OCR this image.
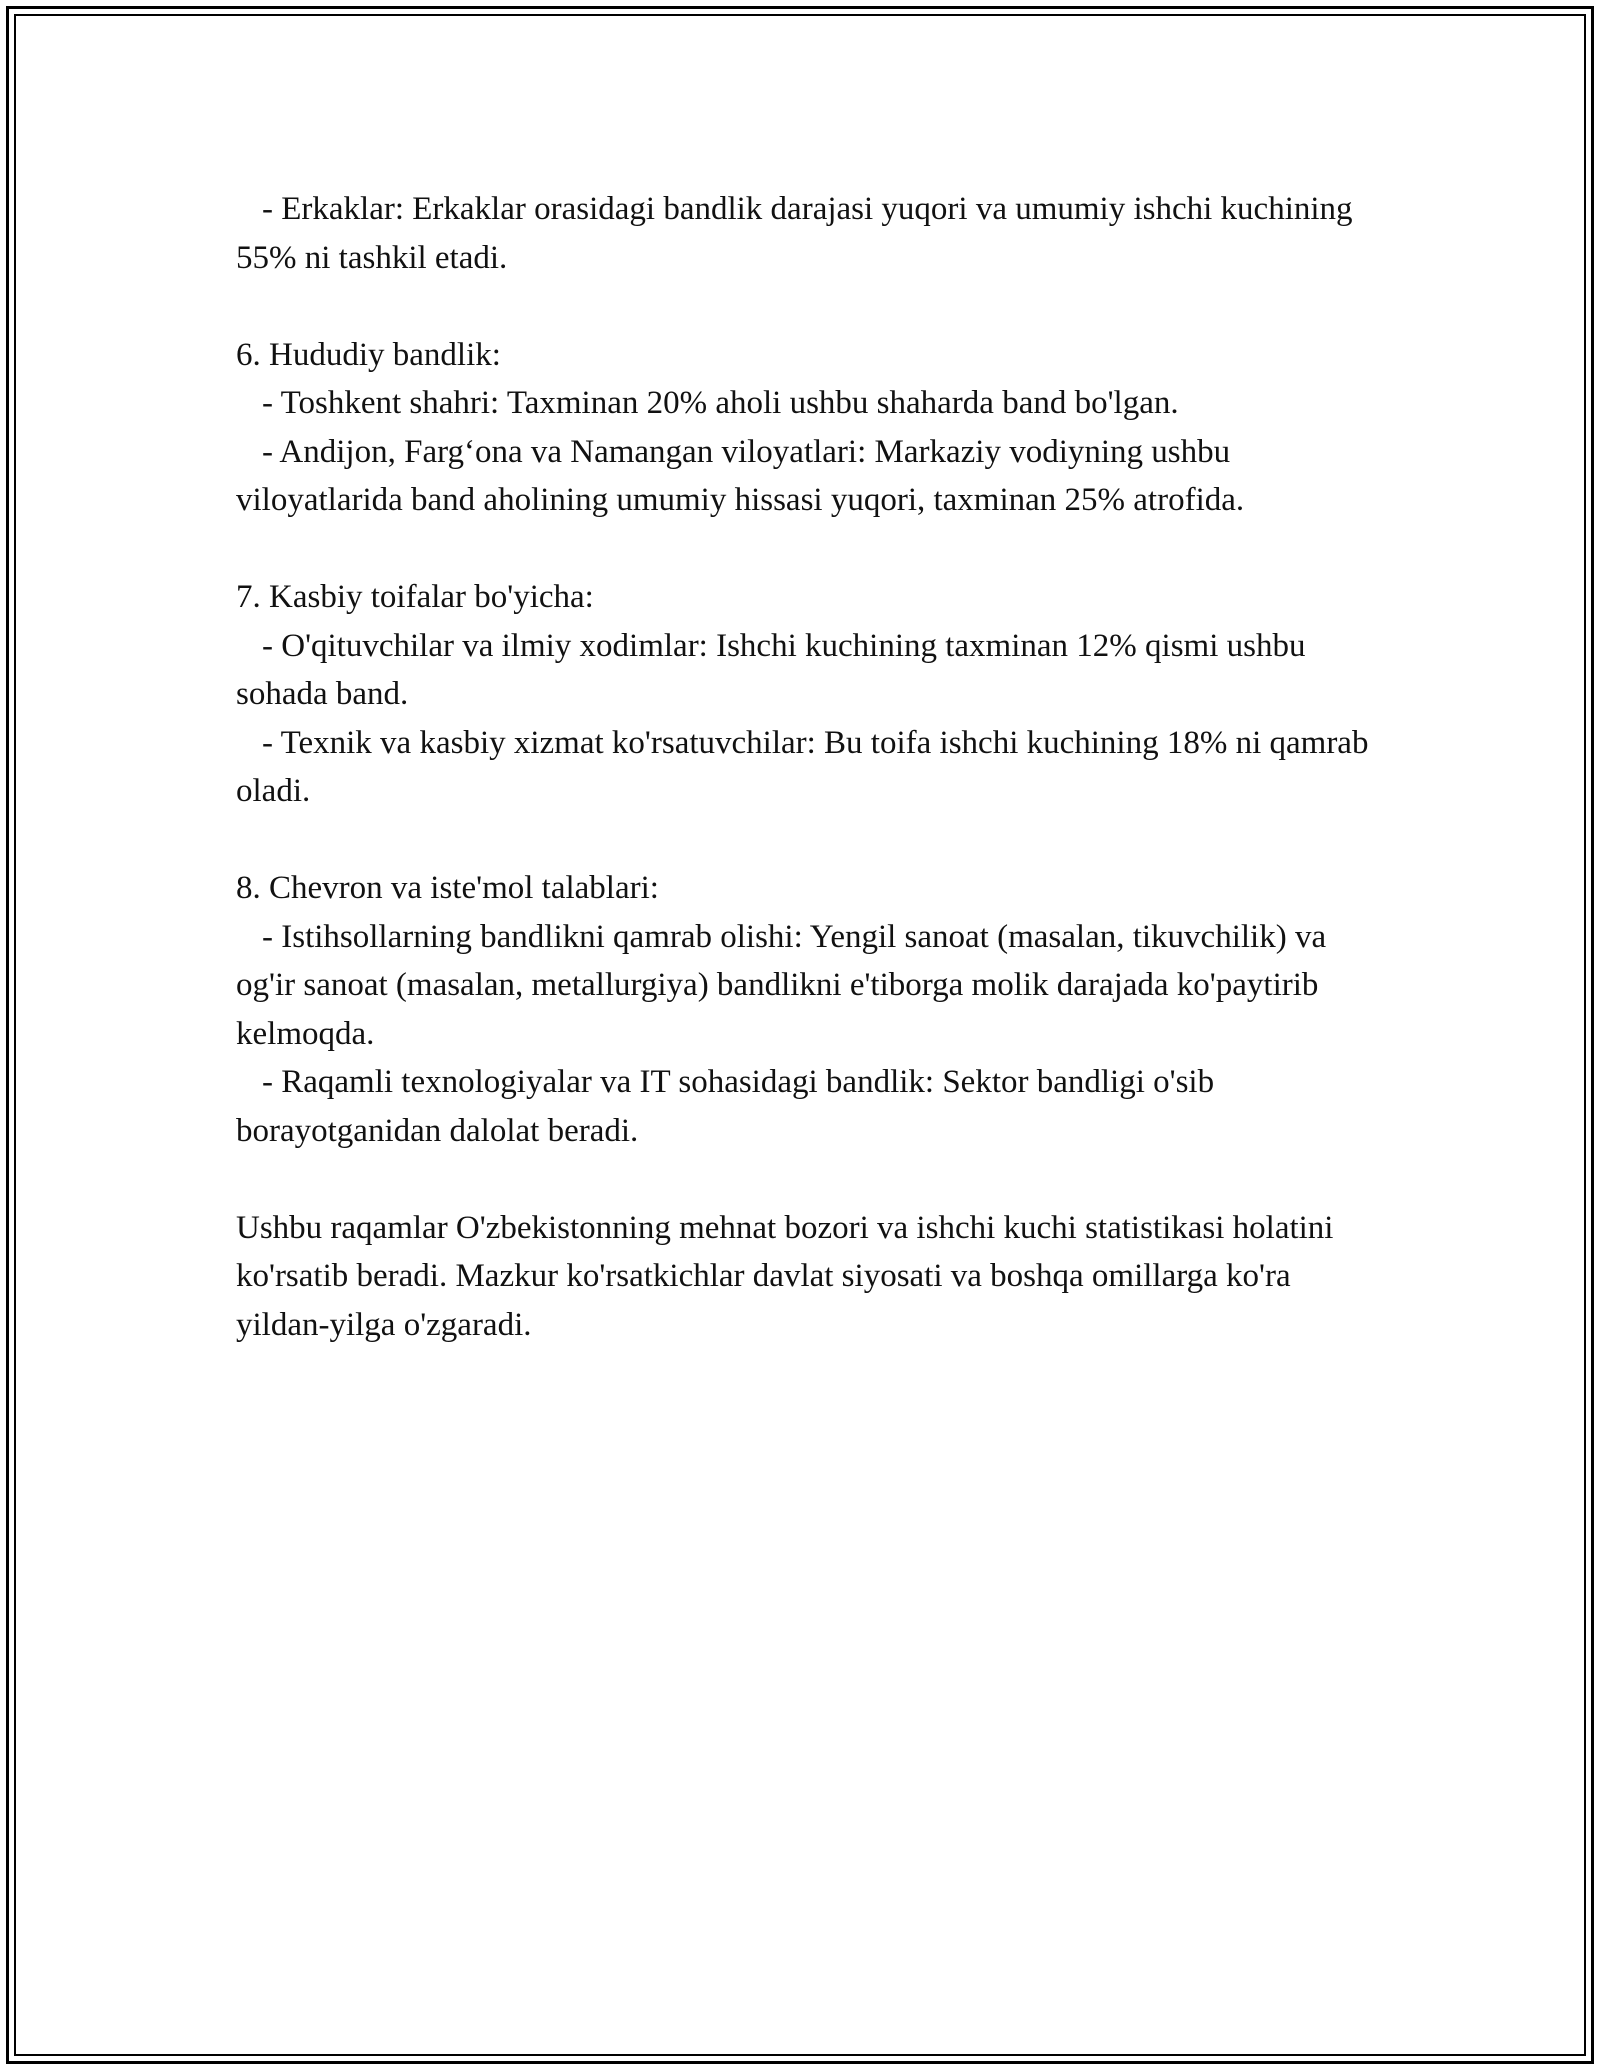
- Erkaklar: Erkaklar orasidagi bandlik darajasi yuqori va umumiy ishchi kuchining 55% ni tashkil etadi.

6. Hududiy bandlik:

- Toshkent shahri: Taxminan 20% aholi ushbu shaharda band bo'lgan.

- Andijon, Farg‘ona va Namangan viloyatlari: Markaziy vodiyning ushbu viloyatlarida band aholining umumiy hissasi yuqori, taxminan 25% atrofida.

7. Kasbiy toifalar bo'yicha:

- O'qituvchilar va ilmiy xodimlar: Ishchi kuchining taxminan 12% qismi ushbu sohada band.

- Texnik va kasbiy xizmat ko'rsatuvchilar: Bu toifa ishchi kuchining 18% ni qamrab oladi.

8. Chevron va iste'mol talablari:

- Istihsollarning bandlikni qamrab olishi: Yengil sanoat (masalan, tikuvchilik) va og'ir sanoat (masalan, metallurgiya) bandlikni e'tiborga molik darajada ko'paytirib kelmoqda.

- Raqamli texnologiyalar va IT sohasidagi bandlik: Sektor bandligi o'sib borayotganidan dalolat beradi.

Ushbu raqamlar O'zbekistonning mehnat bozori va ishchi kuchi statistikasi holatini ko'rsatib beradi. Mazkur ko'rsatkichlar davlat siyosati va boshqa omillarga ko'ra yildan-yilga o'zgaradi.
